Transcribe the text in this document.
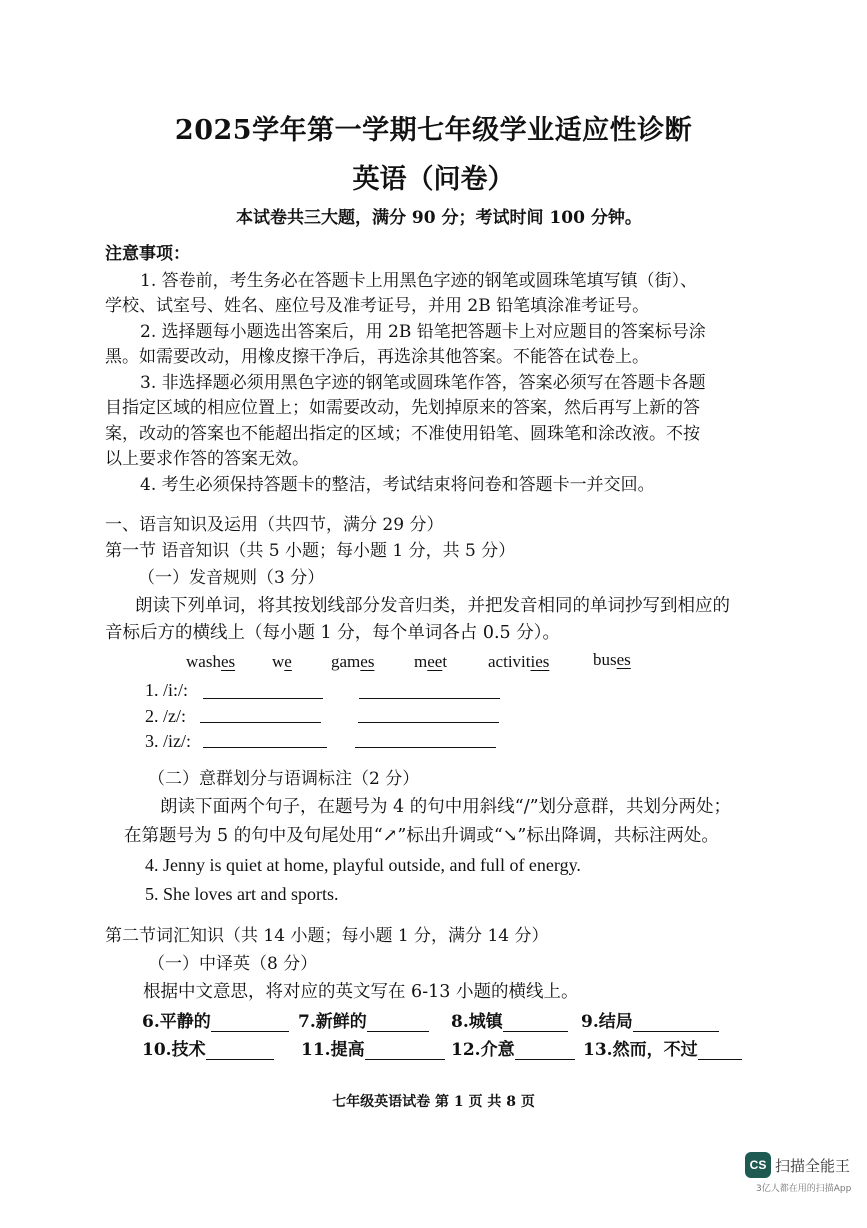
2025学年第一学期七年级学业适应性诊断
英语（问卷）
本试卷共三大题，满分 90 分；考试时间 100 分钟。
注意事项：
1. 答卷前，考生务必在答题卡上用黑色字迹的钢笔或圆珠笔填写镇（街）、
学校、试室号、姓名、座位号及准考证号，并用 2B 铅笔填涂准考证号。
2. 选择题每小题选出答案后，用 2B 铅笔把答题卡上对应题目的答案标号涂
黑。如需要改动，用橡皮擦干净后，再选涂其他答案。不能答在试卷上。
3. 非选择题必须用黑色字迹的钢笔或圆珠笔作答，答案必须写在答题卡各题
目指定区域的相应位置上；如需要改动，先划掉原来的答案，然后再写上新的答
案，改动的答案也不能超出指定的区域；不准使用铅笔、圆珠笔和涂改液。不按
以上要求作答的答案无效。
4. 考生必须保持答题卡的整洁，考试结束将问卷和答题卡一并交回。
一、语言知识及运用（共四节，满分 29 分）
第一节 语音知识（共 5 小题；每小题 1 分，共 5 分）
（一）发音规则（3 分）
朗读下列单词，将其按划线部分发音归类，并把发音相同的单词抄写到相应的
音标后方的横线上（每小题 1 分，每个单词各占 0.5 分）。
washes we games meet activities	buses
1. /i:/:
2. /z/:
3. /iz/:
（二）意群划分与语调标注（2 分）
朗读下面两个句子，在题号为 4 的句中用斜线“/”划分意群，共划分两处；
在第题号为 5 的句中及句尾处用“↗”标出升调或“↘”标出降调，共标注两处。
4. Jenny is quiet at home, playful outside, and full of energy.
5. She loves art and sports.
第二节词汇知识（共 14 小题；每小题 1 分，满分 14 分）
（一）中译英（8 分）
根据中文意思，将对应的英文写在 6-13 小题的横线上。
6.平静的	7.新鲜的	8.城镇	9.结局
10.技术	11.提高	12.介意	13.然而，不过
七年级英语试卷 第 1 页 共 8 页
CS 扫描全能王
3亿人都在用的扫描App
